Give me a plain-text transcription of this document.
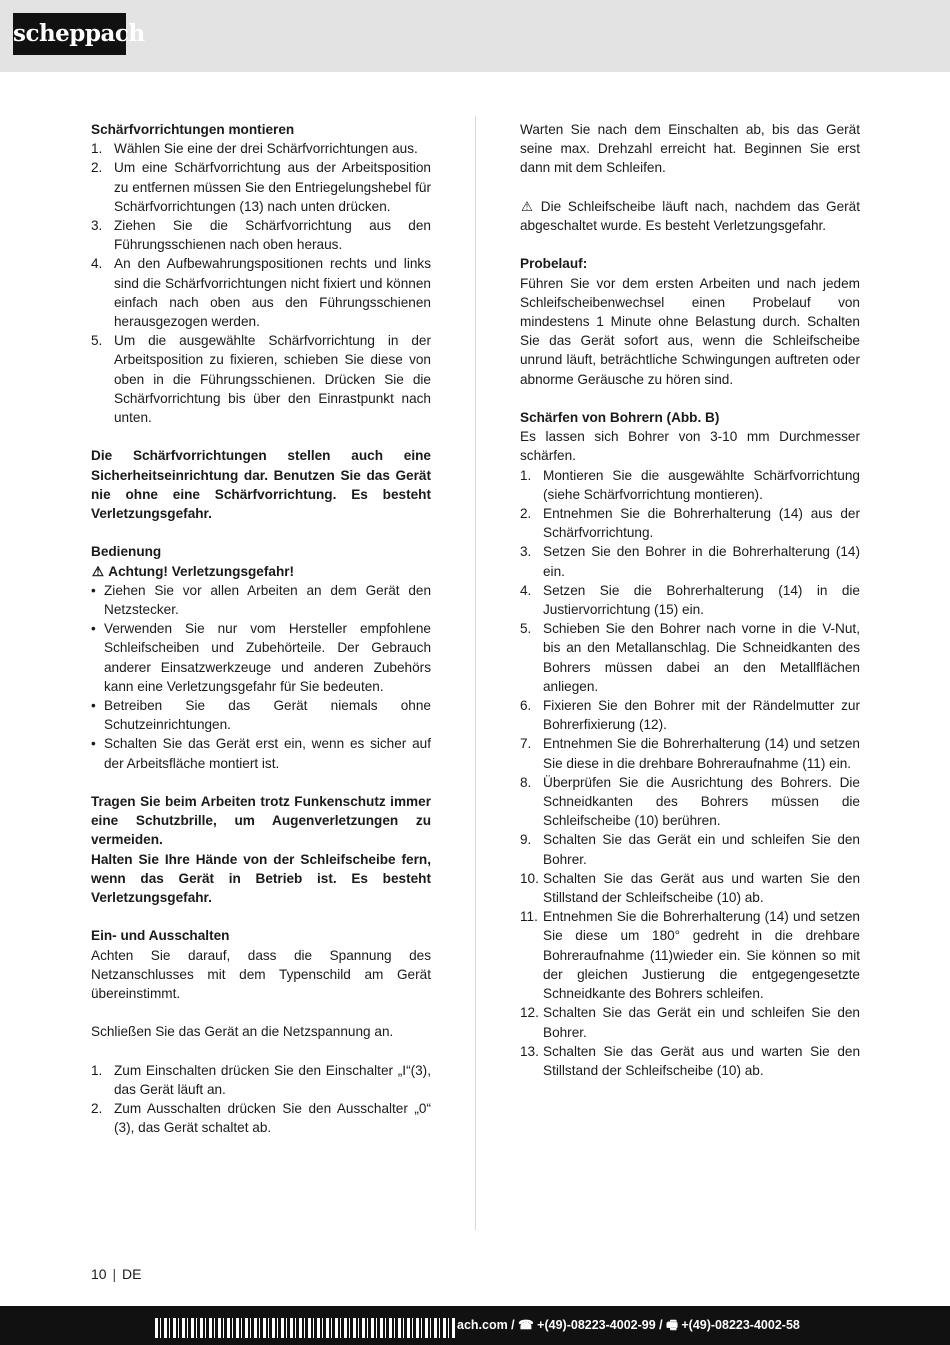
scheppach

Schärfvorrichtungen montieren

1. Wählen Sie eine der drei Schärfvorrichtungen aus.
2. Um eine Schärfvorrichtung aus der Arbeitsposition zu entfernen müssen Sie den Entriegelungshebel für Schärfvorrichtungen (13) nach unten drücken.
3. Ziehen Sie die Schärfvorrichtung aus den Führungsschienen nach oben heraus.
4. An den Aufbewahrungspositionen rechts und links sind die Schärfvorrichtungen nicht fixiert und können einfach nach oben aus den Führungsschienen herausgezogen werden.
5. Um die ausgewählte Schärfvorrichtung in der Arbeitsposition zu fixieren, schieben Sie diese von oben in die Führungsschienen. Drücken Sie die Schärfvorrichtung bis über den Einrastpunkt nach unten.

Die Schärfvorrichtungen stellen auch eine Sicherheitseinrichtung dar. Benutzen Sie das Gerät nie ohne eine Schärfvorrichtung. Es besteht Verletzungsgefahr.

Bedienung

⚠ Achtung! Verletzungsgefahr!

• Ziehen Sie vor allen Arbeiten an dem Gerät den Netzstecker.
• Verwenden Sie nur vom Hersteller empfohlene Schleifscheiben und Zubehörteile. Der Gebrauch anderer Einsatzwerkzeuge und anderen Zubehörs kann eine Verletzungsgefahr für Sie bedeuten.
• Betreiben Sie das Gerät niemals ohne Schutzeinrichtungen.
• Schalten Sie das Gerät erst ein, wenn es sicher auf der Arbeitsfläche montiert ist.

Tragen Sie beim Arbeiten trotz Funkenschutz immer eine Schutzbrille, um Augenverletzungen zu vermeiden.

Halten Sie Ihre Hände von der Schleifscheibe fern, wenn das Gerät in Betrieb ist. Es besteht Verletzungsgefahr.

Ein- und Ausschalten

Achten Sie darauf, dass die Spannung des Netzanschlusses mit dem Typenschild am Gerät übereinstimmt.

Schließen Sie das Gerät an die Netzspannung an.

1. Zum Einschalten drücken Sie den Einschalter „I“(3), das Gerät läuft an.
2. Zum Ausschalten drücken Sie den Ausschalter „0“ (3), das Gerät schaltet ab.

Warten Sie nach dem Einschalten ab, bis das Gerät seine max. Drehzahl erreicht hat. Beginnen Sie erst dann mit dem Schleifen.

⚠ Die Schleifscheibe läuft nach, nachdem das Gerät abgeschaltet wurde. Es besteht Verletzungsgefahr.

Probelauf:

Führen Sie vor dem ersten Arbeiten und nach jedem Schleifscheibenwechsel einen Probelauf von mindestens 1 Minute ohne Belastung durch. Schalten Sie das Gerät sofort aus, wenn die Schleifscheibe unrund läuft, beträchtliche Schwingungen auftreten oder abnorme Geräusche zu hören sind.

Schärfen von Bohrern (Abb. B)

Es lassen sich Bohrer von 3-10 mm Durchmesser schärfen.

1. Montieren Sie die ausgewählte Schärfvorrichtung (siehe Schärfvorrichtung montieren).
2. Entnehmen Sie die Bohrerhalterung (14) aus der Schärfvorrichtung.
3. Setzen Sie den Bohrer in die Bohrerhalterung (14) ein.
4. Setzen Sie die Bohrerhalterung (14) in die Justiervorrichtung (15) ein.
5. Schieben Sie den Bohrer nach vorne in die V-Nut, bis an den Metallanschlag. Die Schneidkanten des Bohrers müssen dabei an den Metallflächen anliegen.
6. Fixieren Sie den Bohrer mit der Rändelmutter zur Bohrerfixierung (12).
7. Entnehmen Sie die Bohrerhalterung (14) und setzen Sie diese in die drehbare Bohreraufnahme (11) ein.
8. Überprüfen Sie die Ausrichtung des Bohrers. Die Schneidkanten des Bohrers müssen die Schleifscheibe (10) berühren.
9. Schalten Sie das Gerät ein und schleifen Sie den Bohrer.
10. Schalten Sie das Gerät aus und warten Sie den Stillstand der Schleifscheibe (10) ab.
11. Entnehmen Sie die Bohrerhalterung (14) und setzen Sie diese um 180° gedreht in die drehbare Bohreraufnahme (11)wieder ein. Sie können so mit der gleichen Justierung die entgegengesetzte Schneidkante des Bohrers schleifen.
12. Schalten Sie das Gerät ein und schleifen Sie den Bohrer.
13. Schalten Sie das Gerät aus und warten Sie den Stillstand der Schleifscheibe (10) ab.
10 | DE
ach.com / ☎ +(49)-08223-4002-99 / 🖷 +(49)-08223-4002-58
